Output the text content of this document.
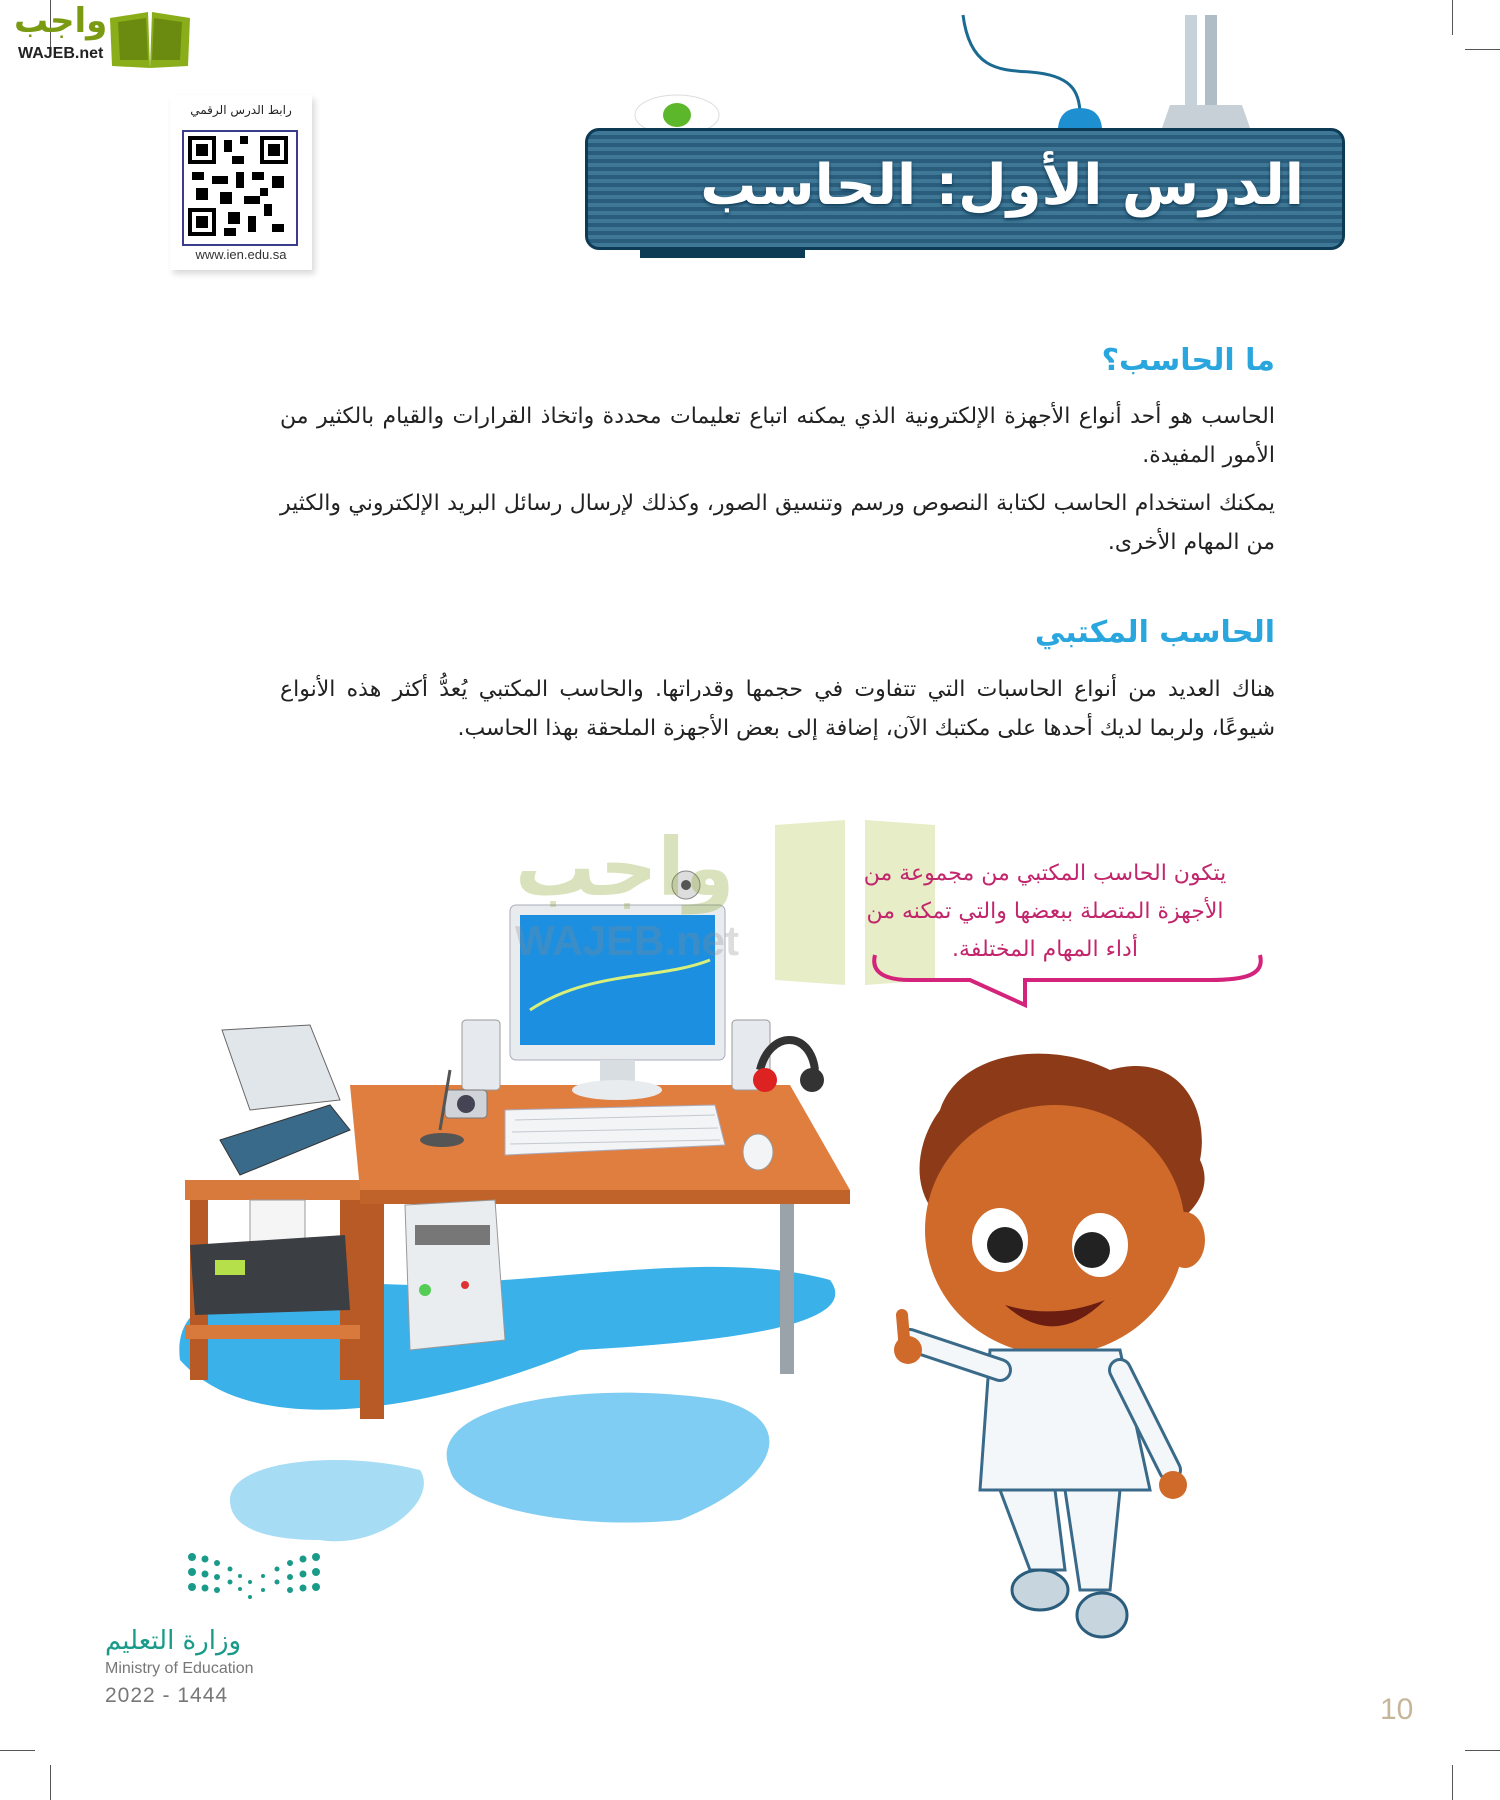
واجب
WAJEB.net
رابط الدرس الرقمي
www.ien.edu.sa
الدرس الأول: الحاسب
ما الحاسب؟
الحاسب هو أحد أنواع الأجهزة الإلكترونية الذي يمكنه اتباع تعليمات محددة واتخاذ القرارات والقيام بالكثير من الأمور المفيدة.
يمكنك استخدام الحاسب لكتابة النصوص ورسم وتنسيق الصور، وكذلك لإرسال رسائل البريد الإلكتروني والكثير من المهام الأخرى.
الحاسب المكتبي
هناك العديد من أنواع الحاسبات التي تتفاوت في حجمها وقدراتها. والحاسب المكتبي يُعدُّ أكثر هذه الأنواع شيوعًا، ولربما لديك أحدها على مكتبك الآن، إضافة إلى بعض الأجهزة الملحقة بهذا الحاسب.
واجب
WAJEB.net
يتكون الحاسب المكتبي من مجموعة من الأجهزة المتصلة ببعضها والتي تمكنه من أداء المهام المختلفة.
وزارة التعليم
Ministry of Education
2022 - 1444	10
